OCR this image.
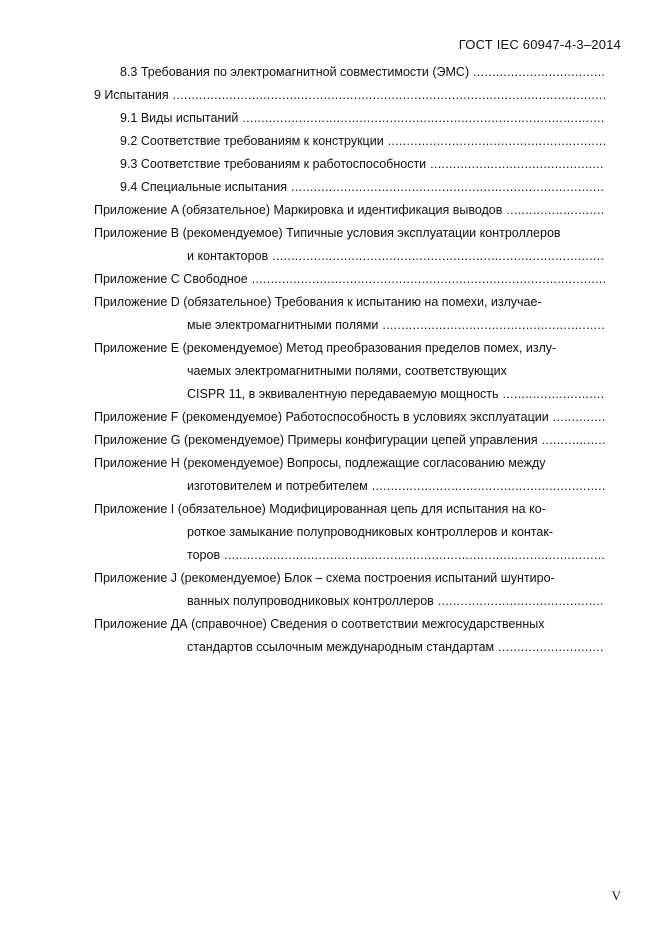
ГОСТ IEC 60947-4-3–2014
8.3 Требования по электромагнитной совместимости (ЭМС)
.....
9 Испытания
.....
9.1 Виды испытаний
.....
9.2 Соответствие требованиям к конструкции
.....
9.3 Соответствие требованиям к работоспособности
.....
9.4 Специальные испытания
.....
Приложение A (обязательное) Маркировка и идентификация выводов
.....
Приложение B (рекомендуемое) Типичные условия эксплуатации контроллеров
и контакторов
.....
Приложение C Свободное
.....
Приложение D (обязательное) Требования к испытанию на помехи, излучае-
мые электромагнитными полями
.....
Приложение E (рекомендуемое) Метод преобразования пределов помех, излу-
чаемых электромагнитными полями, соответствующих
CISPR 11, в эквивалентную передаваемую мощность
.....
Приложение F (рекомендуемое) Работоспособность в условиях эксплуатации
.....
Приложение G (рекомендуемое) Примеры конфигурации цепей управления
.....
Приложение H (рекомендуемое) Вопросы, подлежащие согласованию между
изготовителем и потребителем
.....
Приложение I (обязательное) Модифицированная цепь для испытания на ко-
роткое замыкание полупроводниковых контроллеров и контак-
торов
.....
Приложение J (рекомендуемое) Блок – схема построения испытаний шунтиро-
ванных полупроводниковых контроллеров
.....
Приложение ДА (справочное) Сведения о соответствии межгосударственных
стандартов ссылочным международным стандартам
.....
V
